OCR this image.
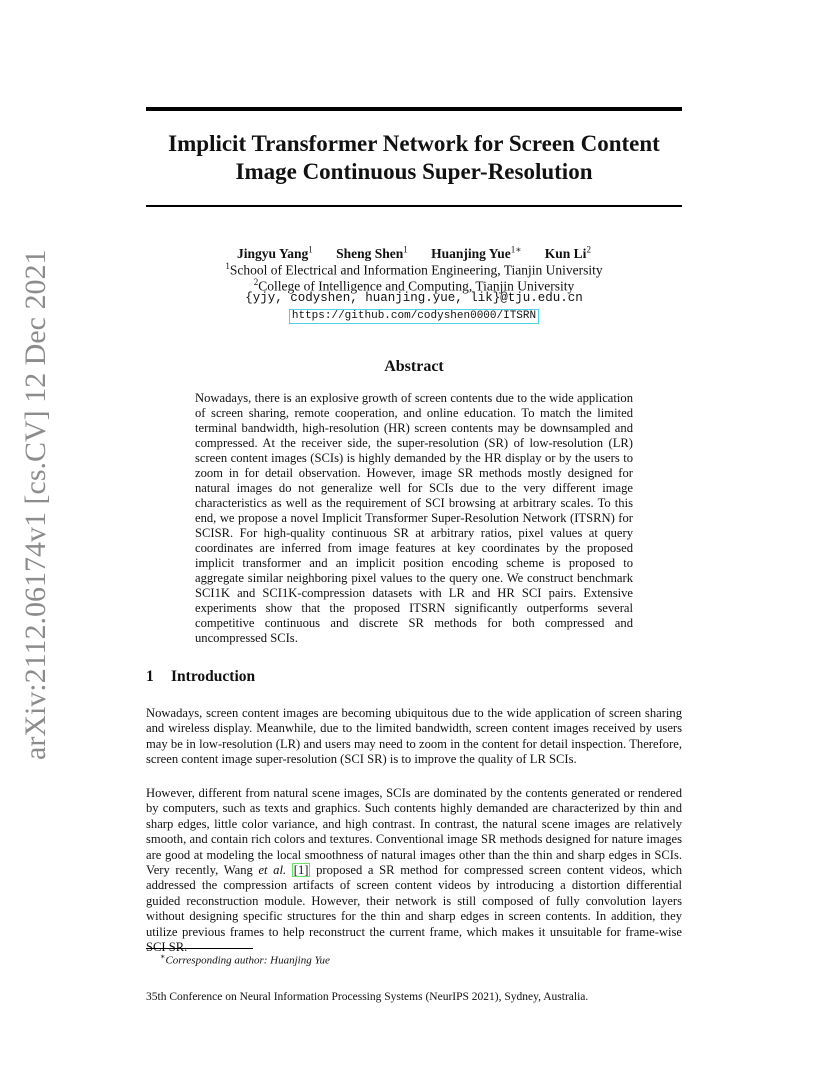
arXiv:2112.06174v1 [cs.CV] 12 Dec 2021
Implicit Transformer Network for Screen Content
Image Continuous Super-Resolution
Jingyu Yang$^1$ Sheng Shen$^1$ Huanjing Yue$^{1∗}$ Kun Li$^2$
$^1$School of Electrical and Information Engineering, Tianjin University
$^2$College of Intelligence and Computing, Tianjin University
{yjy, codyshen, huanjing.yue, lik}@tju.edu.cn
https://github.com/codyshen0000/ITSRN
Abstract

Nowadays, there is an explosive growth of screen contents due to the wide application of screen sharing, remote cooperation, and online education. To match the limited terminal bandwidth, high-resolution (HR) screen contents may be downsampled and compressed. At the receiver side, the super-resolution (SR) of low-resolution (LR) screen content images (SCIs) is highly demanded by the HR display or by the users to zoom in for detail observation. However, image SR methods mostly designed for natural images do not generalize well for SCIs due to the very different image characteristics as well as the requirement of SCI browsing at arbitrary scales. To this end, we propose a novel Implicit Transformer Super-Resolution Network (ITSRN) for SCISR. For high-quality continuous SR at arbitrary ratios, pixel values at query coordinates are inferred from image features at key coordinates by the proposed implicit transformer and an implicit position encoding scheme is proposed to aggregate similar neighboring pixel values to the query one. We construct benchmark SCI1K and SCI1K-compression datasets with LR and HR SCI pairs. Extensive experiments show that the proposed ITSRN significantly outperforms several competitive continuous and discrete SR methods for both compressed and uncompressed SCIs.

1 Introduction

Nowadays, screen content images are becoming ubiquitous due to the wide application of screen sharing and wireless display. Meanwhile, due to the limited bandwidth, screen content images received by users may be in low-resolution (LR) and users may need to zoom in the content for detail inspection. Therefore, screen content image super-resolution (SCI SR) is to improve the quality of LR SCIs.

However, different from natural scene images, SCIs are dominated by the contents generated or rendered by computers, such as texts and graphics. Such contents highly demanded are characterized by thin and sharp edges, little color variance, and high contrast. In contrast, the natural scene images are relatively smooth, and contain rich colors and textures. Conventional image SR methods designed for nature images are good at modeling the local smoothness of natural images other than the thin and sharp edges in SCIs. Very recently, Wang et al. [1] proposed a SR method for compressed screen content videos, which addressed the compression artifacts of screen content videos by introducing a distortion differential guided reconstruction module. However, their network is still composed of fully convolution layers without designing specific structures for the thin and sharp edges in screen contents. In addition, they utilize previous frames to help reconstruct the current frame, which makes it unsuitable for frame-wise

∗Corresponding author: Huanjing Yue
35th Conference on Neural Information Processing Systems (NeurIPS 2021), Sydney, Australia.
